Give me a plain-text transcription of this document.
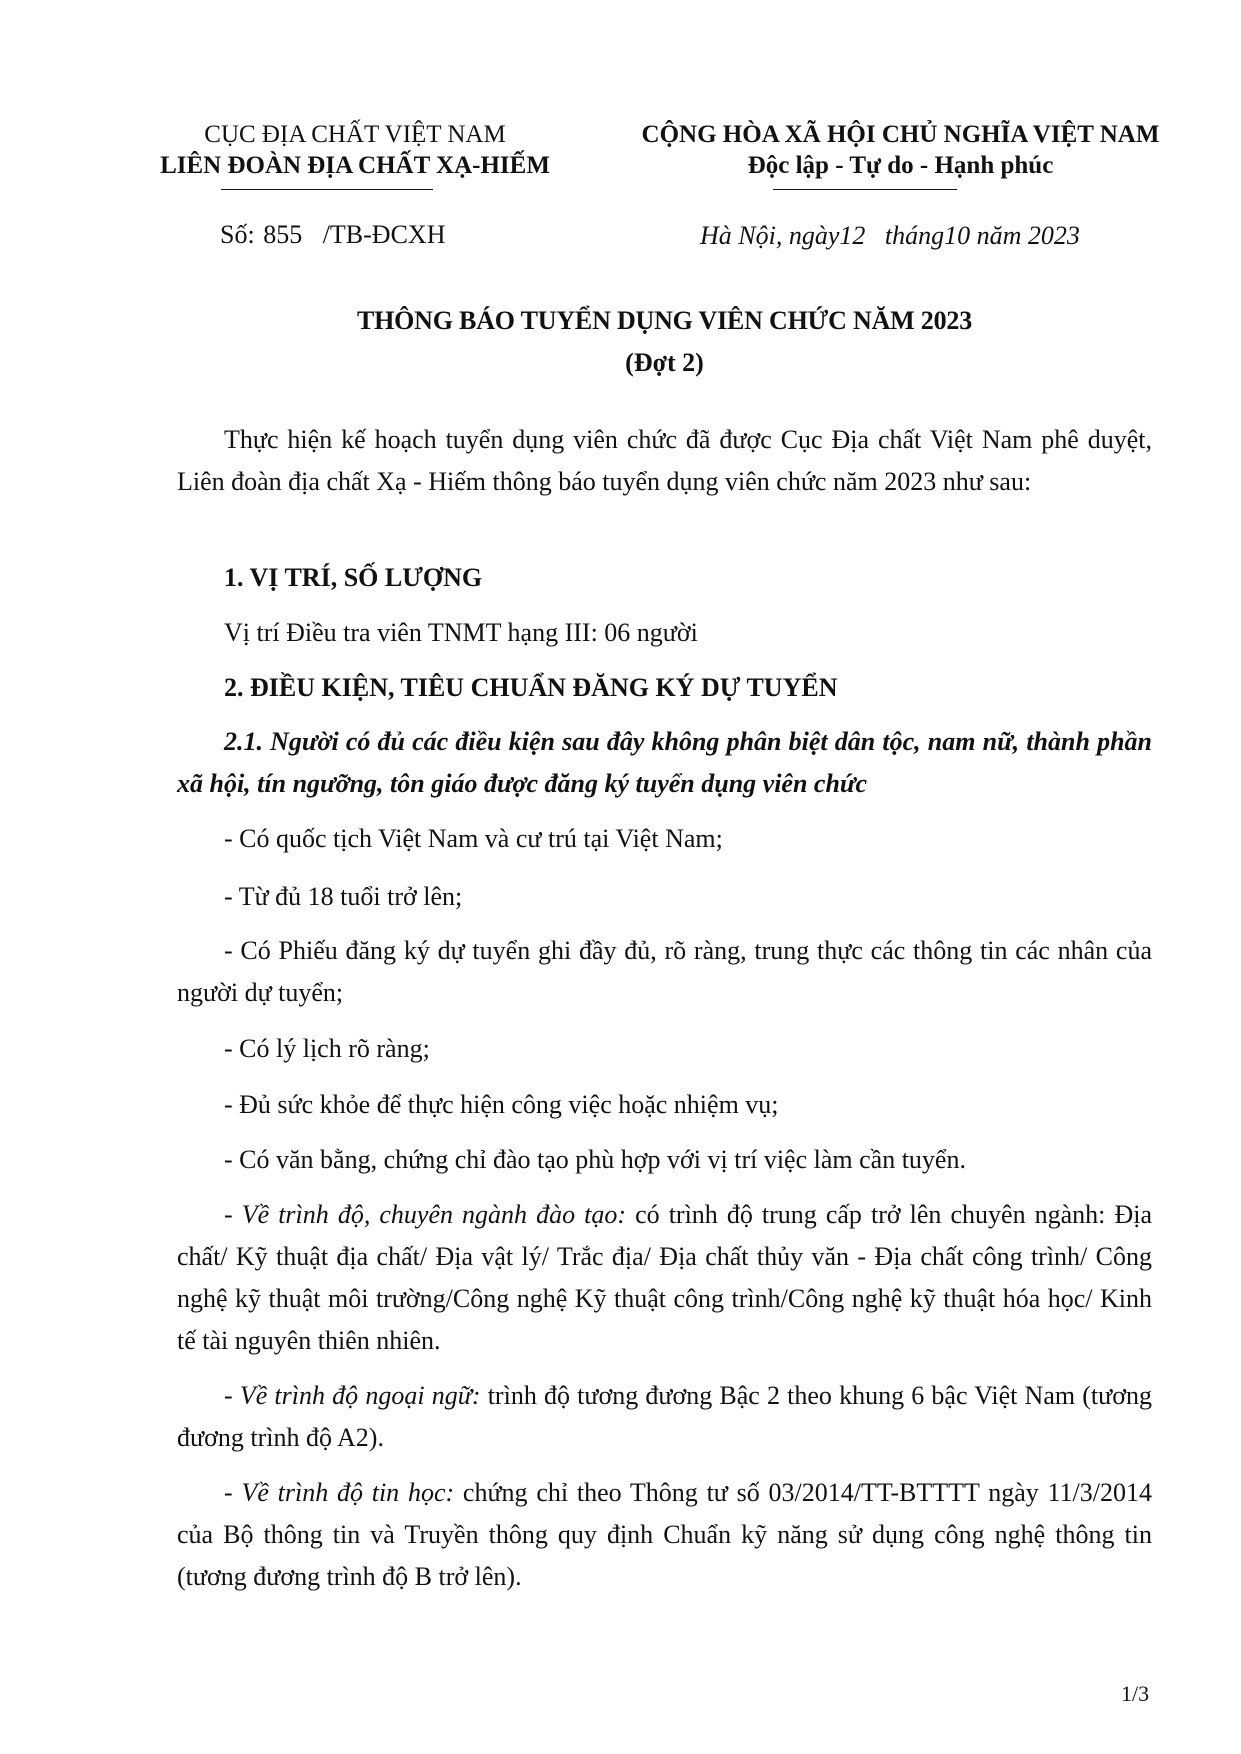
CỤC ĐỊA CHẤT VIỆT NAM
LIÊN ĐOÀN ĐỊA CHẤT XẠ-HIẾM
Số: 855 /TB-ĐCXH
CỘNG HÒA XÃ HỘI CHỦ NGHĨA VIỆT NAM
Độc lập - Tự do - Hạnh phúc
Hà Nội, ngày12   tháng10 năm 2023
THÔNG BÁO TUYỂN DỤNG VIÊN CHỨC NĂM 2023
(Đợt 2)
Thực hiện kế hoạch tuyển dụng viên chức đã được Cục Địa chất Việt Nam phê duyệt, Liên đoàn địa chất Xạ - Hiếm thông báo tuyển dụng viên chức năm 2023 như sau:
1. VỊ TRÍ, SỐ LƯỢNG
Vị trí Điều tra viên TNMT hạng III: 06 người
2. ĐIỀU KIỆN, TIÊU CHUẨN ĐĂNG KÝ DỰ TUYỂN
2.1. Người có đủ các điều kiện sau đây không phân biệt dân tộc, nam nữ, thành phần xã hội, tín ngưỡng, tôn giáo được đăng ký tuyển dụng viên chức
- Có quốc tịch Việt Nam và cư trú tại Việt Nam;
- Từ đủ 18 tuổi trở lên;
- Có Phiếu đăng ký dự tuyển ghi đầy đủ, rõ ràng, trung thực các thông tin các nhân của người dự tuyển;
- Có lý lịch rõ ràng;
- Đủ sức khỏe để thực hiện công việc hoặc nhiệm vụ;
- Có văn bằng, chứng chỉ đào tạo phù hợp với vị trí việc làm cần tuyển.
- Về trình độ, chuyên ngành đào tạo: có trình độ trung cấp trở lên chuyên ngành: Địa chất/ Kỹ thuật địa chất/ Địa vật lý/ Trắc địa/ Địa chất thủy văn - Địa chất công trình/ Công nghệ kỹ thuật môi trường/Công nghệ Kỹ thuật công trình/Công nghệ kỹ thuật hóa học/ Kinh tế tài nguyên thiên nhiên.
- Về trình độ ngoại ngữ: trình độ tương đương Bậc 2 theo khung 6 bậc Việt Nam (tương đương trình độ A2).
- Về trình độ tin học: chứng chỉ theo Thông tư số 03/2014/TT-BTTTT ngày 11/3/2014 của Bộ thông tin và Truyền thông quy định Chuẩn kỹ năng sử dụng công nghệ thông tin (tương đương trình độ B trở lên).
1/3
